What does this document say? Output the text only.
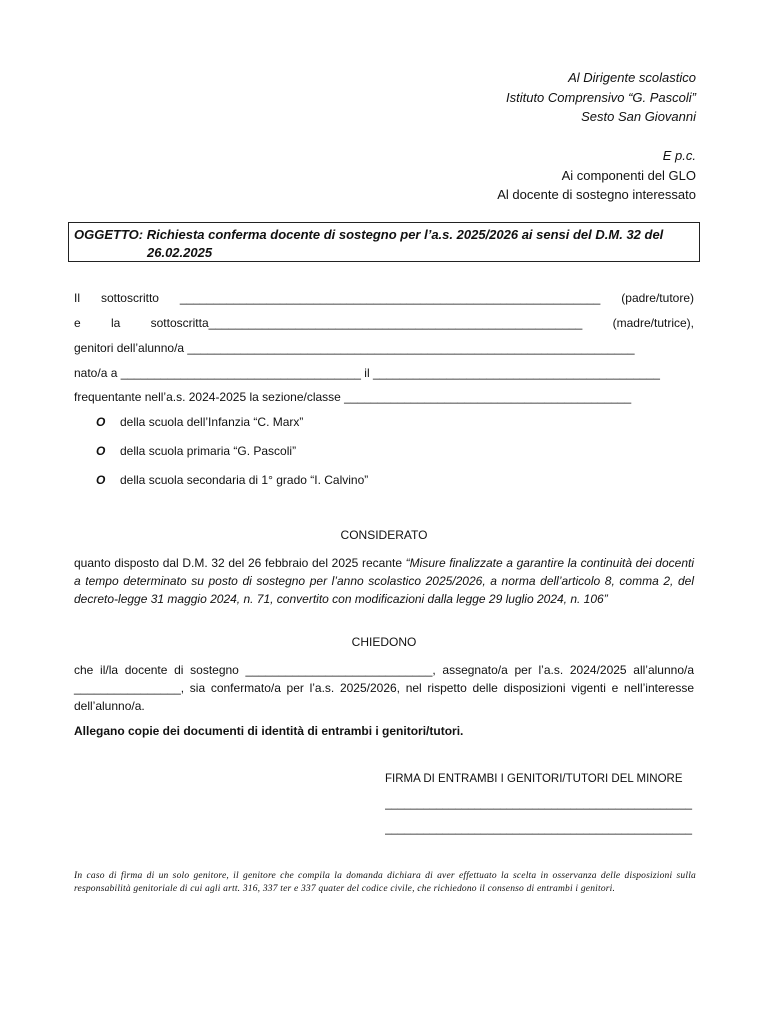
Al Dirigente scolastico
Istituto Comprensivo “G. Pascoli”
Sesto San Giovanni
E p.c.
Ai componenti del GLO
Al docente di sostegno interessato
OGGETTO: Richiesta conferma docente di sostegno per l’a.s. 2025/2026 ai sensi del D.M. 32 del
26.02.2025
Il sottoscritto _______________________________________________________________ (padre/tutore)
e la sottoscritta________________________________________________________ (madre/tutrice),
genitori dell’alunno/a ___________________________________________________________________
nato/a a ____________________________________ il ___________________________________________
frequentante nell’a.s. 2024-2025 la sezione/classe ___________________________________________
O della scuola dell’Infanzia “C. Marx”
O della scuola primaria “G. Pascoli”
O della scuola secondaria di 1° grado “I. Calvino”
CONSIDERATO
quanto disposto dal D.M. 32 del 26 febbraio del 2025 recante “Misure finalizzate a garantire la continuità dei docenti a tempo determinato su posto di sostegno per l’anno scolastico 2025/2026, a norma dell’articolo 8, comma 2, del decreto-legge 31 maggio 2024, n. 71, convertito con modificazioni dalla legge 29 luglio 2024, n. 106”
CHIEDONO
che il/la docente di sostegno ____________________________, assegnato/a per l’a.s. 2024/2025 all’alunno/a ________________, sia confermato/a per l’a.s. 2025/2026, nel rispetto delle disposizioni vigenti e nell’interesse dell’alunno/a.
Allegano copie dei documenti di identità di entrambi i genitori/tutori.
FIRMA DI ENTRAMBI I GENITORI/TUTORI DEL MINORE
________________________________________________
________________________________________________
In caso di firma di un solo genitore, il genitore che compila la domanda dichiara di aver effettuato la scelta in osservanza delle disposizioni sulla responsabilità genitoriale di cui agli artt. 316, 337 ter e 337 quater del codice civile, che richiedono il consenso di entrambi i genitori.
